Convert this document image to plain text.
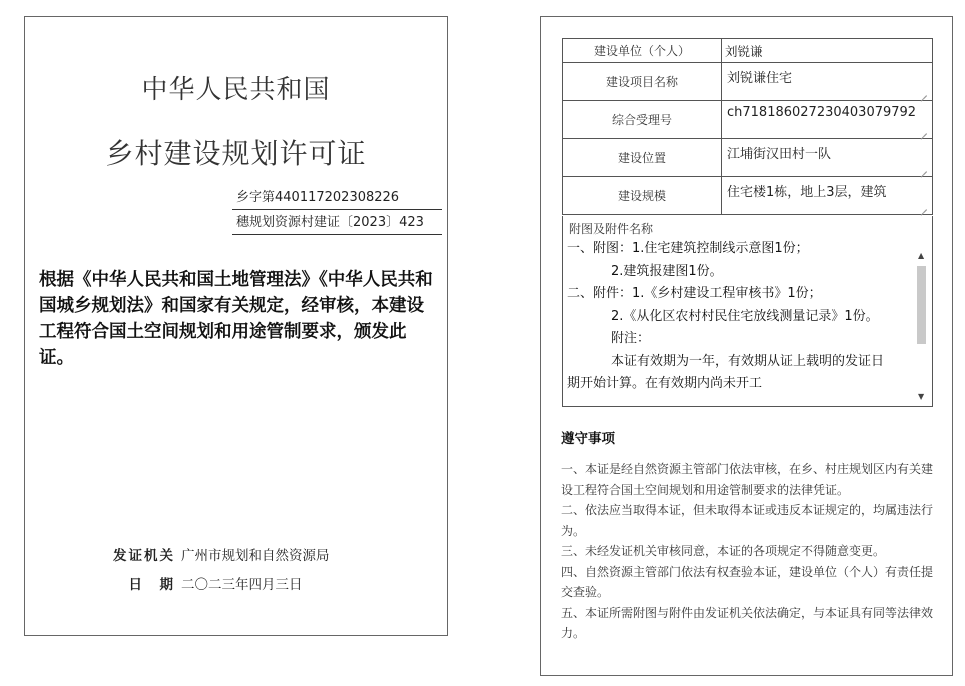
中华人民共和国
乡村建设规划许可证
乡字第440117202308226
穗规划资源村建证〔2023〕423
根据《中华人民共和国土地管理法》《中华人民共和国城乡规划法》和国家有关规定，经审核，本建设工程符合国土空间规划和用途管制要求，颁发此证。
发证机关 广州市规划和自然资源局
日　期 二〇二三年四月三日
建设单位（个人）	刘锐谦
建设项目名称	刘锐谦住宅

综合受理号	ch718186027230403079792

建设位置	江埔街汉田村一队

建设规模	住宅楼1栋，地上3层，建筑
附图及附件名称
一、附图：1.住宅建筑控制线示意图1份；
2.建筑报建图1份。
二、附件：1.《乡村建设工程审核书》1份；
2.《从化区农村村民住宅放线测量记录》1份。
附注：
本证有效期为一年，有效期从证上载明的发证日
期开始计算。在有效期内尚未开工
▲
▼
遵守事项

一、本证是经自然资源主管部门依法审核，在乡、村庄规划区内有关建设工程符合国土空间规划和用途管制要求的法律凭证。

二、依法应当取得本证，但未取得本证或违反本证规定的，均属违法行为。

三、未经发证机关审核同意，本证的各项规定不得随意变更。

四、自然资源主管部门依法有权查验本证，建设单位（个人）有责任提交查验。

五、本证所需附图与附件由发证机关依法确定，与本证具有同等法律效力。
